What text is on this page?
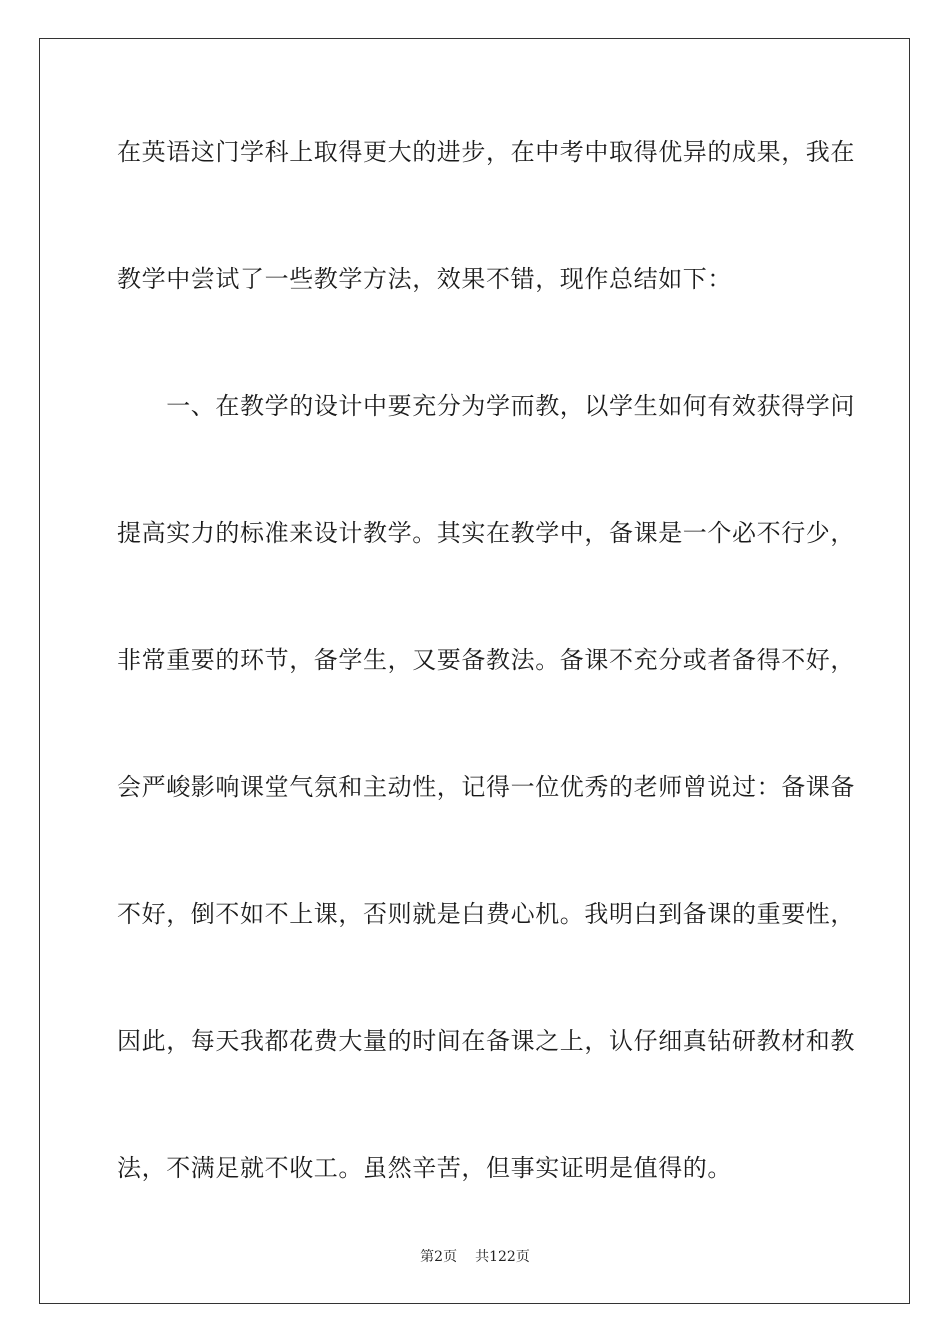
在英语这门学科上取得更大的进步，在中考中取得优异的成果，我在
教学中尝试了一些教学方法，效果不错，现作总结如下：
　　一、在教学的设计中要充分为学而教，以学生如何有效获得学问
提高实力的标准来设计教学。其实在教学中，备课是一个必不行少，
非常重要的环节，备学生，又要备教法。备课不充分或者备得不好，
会严峻影响课堂气氛和主动性，记得一位优秀的老师曾说过：备课备
不好，倒不如不上课，否则就是白费心机。我明白到备课的重要性，
因此，每天我都花费大量的时间在备课之上，认仔细真钻研教材和教
法，不满足就不收工。虽然辛苦，但事实证明是值得的。
第2页 共122页
